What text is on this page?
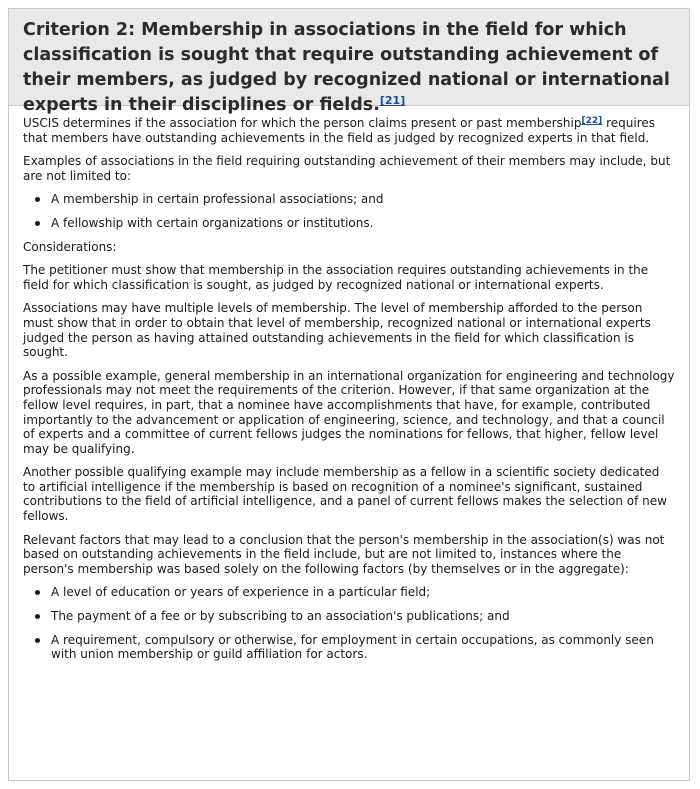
Criterion 2: Membership in associations in the field for which classification is sought that require outstanding achievement of their members, as judged by recognized national or international experts in their disciplines or fields.[21]

USCIS determines if the association for which the person claims present or past membership[22] requires that members have outstanding achievements in the field as judged by recognized experts in that field.

Examples of associations in the field requiring outstanding achievement of their members may include, but are not limited to:

A membership in certain professional associations; and
A fellowship with certain organizations or institutions.

Considerations:

The petitioner must show that membership in the association requires outstanding achievements in the field for which classification is sought, as judged by recognized national or international experts.

Associations may have multiple levels of membership. The level of membership afforded to the person must show that in order to obtain that level of membership, recognized national or international experts judged the person as having attained outstanding achievements in the field for which classification is sought.

As a possible example, general membership in an international organization for engineering and technology professionals may not meet the requirements of the criterion. However, if that same organization at the fellow level requires, in part, that a nominee have accomplishments that have, for example, contributed importantly to the advancement or application of engineering, science, and technology, and that a council of experts and a committee of current fellows judges the nominations for fellows, that higher, fellow level may be qualifying.

Another possible qualifying example may include membership as a fellow in a scientific society dedicated to artificial intelligence if the membership is based on recognition of a nominee's significant, sustained contributions to the field of artificial intelligence, and a panel of current fellows makes the selection of new fellows.

Relevant factors that may lead to a conclusion that the person's membership in the association(s) was not based on outstanding achievements in the field include, but are not limited to, instances where the person's membership was based solely on the following factors (by themselves or in the aggregate):

A level of education or years of experience in a particular field;
The payment of a fee or by subscribing to an association's publications; and
A requirement, compulsory or otherwise, for employment in certain occupations, as commonly seen with union membership or guild affiliation for actors.
